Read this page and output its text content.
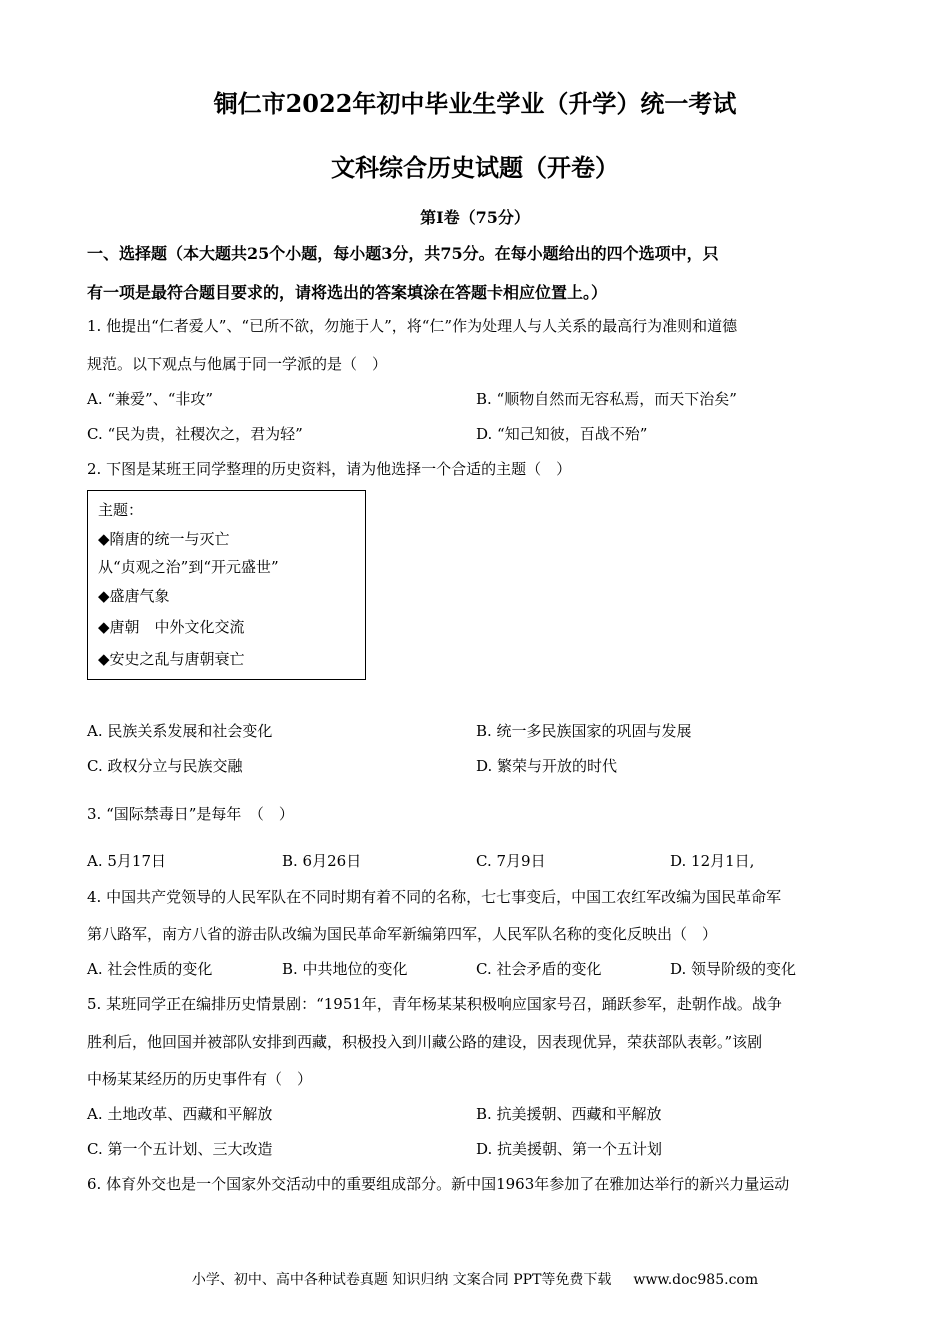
铜仁市2022年初中毕业生学业（升学）统一考试
文科综合历史试题（开卷）
第Ⅰ卷（75分）
一、选择题（本大题共25个小题，每小题3分，共75分。在每小题给出的四个选项中，只
有一项是最符合题目要求的，请将选出的答案填涂在答题卡相应位置上。）
1. 他提出“仁者爱人”、“已所不欲，勿施于人”，将“仁”作为处理人与人关系的最高行为准则和道德
规范。以下观点与他属于同一学派的是（　）
A. “兼爱”、“非攻”	B. “顺物自然而无容私焉，而天下治矣”
C. “民为贵，社稷次之，君为轻”	D. “知己知彼，百战不殆”
2. 下图是某班王同学整理的历史资料，请为他选择一个合适的主题（　）
主题：
◆隋唐的统一与灭亡
从“贞观之治”到“开元盛世”
◆盛唐气象
◆唐朝　中外文化交流
◆安史之乱与唐朝衰亡
A. 民族关系发展和社会变化	B. 统一多民族国家的巩固与发展
C. 政权分立与民族交融	D. 繁荣与开放的时代
3. “国际禁毒日”是每年　（　）
A. 5月17日	B. 6月26日	C. 7月9日	D. 12月1日,
4. 中国共产党领导的人民军队在不同时期有着不同的名称，七七事变后，中国工农红军改编为国民革命军
第八路军，南方八省的游击队改编为国民革命军新编第四军，人民军队名称的变化反映出（　）
A. 社会性质的变化	B. 中共地位的变化	C. 社会矛盾的变化	D. 领导阶级的变化
5. 某班同学正在编排历史情景剧：“1951年，青年杨某某积极响应国家号召，踊跃参军，赴朝作战。战争
胜利后，他回国并被部队安排到西藏，积极投入到川藏公路的建设，因表现优异，荣获部队表彰。”该剧
中杨某某经历的历史事件有（　）
A. 土地改革、西藏和平解放	B. 抗美援朝、西藏和平解放
C. 第一个五计划、三大改造	D. 抗美援朝、第一个五计划
6. 体育外交也是一个国家外交活动中的重要组成部分。新中国1963年参加了在雅加达举行的新兴力量运动
小学、初中、高中各种试卷真题 知识归纳 文案合同 PPT等免费下载 www.doc985.com
